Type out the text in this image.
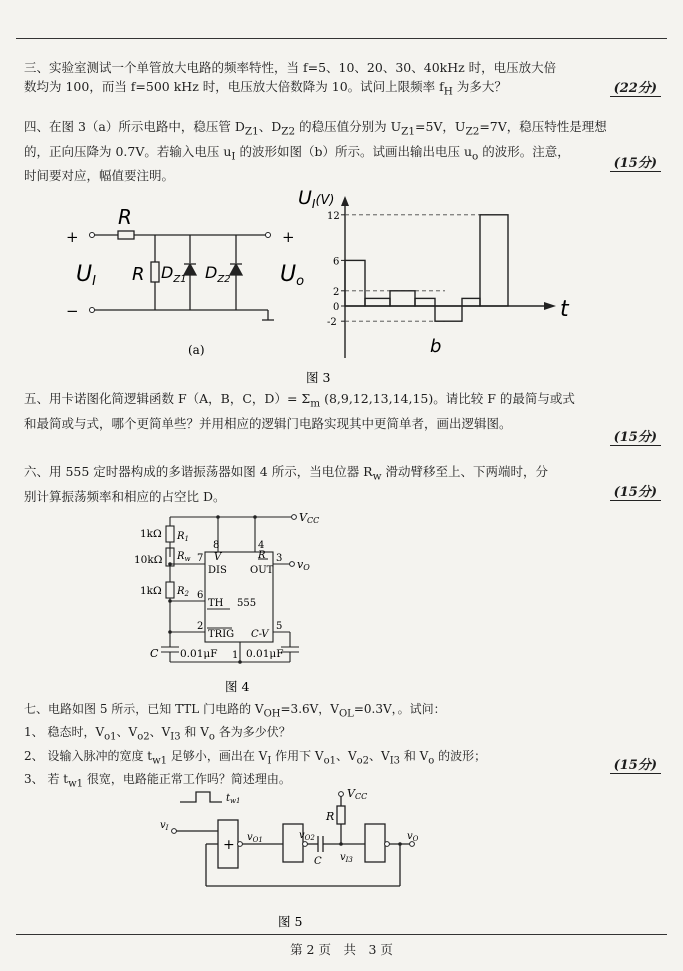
三、实验室测试一个单管放大电路的频率特性，当 f=5、10、20、30、40kHz 时，电压放大倍
数均为 100，而当 f=500 kHz 时，电压放大倍数降为 10。试问上限频率 $f_H$ 为多大？	(22分)
四、在图 3（a）所示电路中，稳压管 $D_{Z1}$、$D_{Z2}$ 的稳压值分别为 $U_{Z1}=5V$，$U_{Z2}=7V$，稳压特性是理想
的，正向压降为 0.7V。若输入电压 $u_I$ 的波形如图（b）所示。试画出输出电压 $u_o$ 的波形。注意，
时间要对应，幅值要注明。
(15分)
+
−
+
R
R $D_{Z1}$ $D_{Z2}$
UI	Uo
(a)
$U_I^{(V)}$
t
b
12
6
2
0
-2
图 3
五、用卡诺图化简逻辑函数 F（A，B，C，$D)= \Sigma_m$ (8,9,12,13,14,15)。请比较 F 的最简与或式
和最简或与式，哪个更简单些？并用相应的逻辑门电路实现其中更简单者，画出逻辑图。
(15分)
六、用 555 定时器构成的多谐振荡器如图 4 所示，当电位器 $R_w$ 滑动臂移至上、下两端时，分
别计算振荡频率和相应的占空比 D。	(15分)
VCC
1kΩ $R_1$
10kΩ $R_w$
1kΩ $R_2$
8	4
7
6
2
3
5
1
V	R
DIS OUT
TH 555
TRIG C-V
vO
C 0.01μF	0.01μF
图 4
七、电路如图 5 所示，已知 TTL 门电路的 $V_{OH}=3.6V$，$V_{OL}=0.3V$，。试问：
1、 稳态时，$V_{o1}$、$V_{o2}$、$V_{I3}$ 和 $V_o$ 各为多少伏？
2、 设输入脉冲的宽度 $t_{w1}$ 足够小，画出在 $V_I$ 作用下 $V_{o1}$、$V_{o2}$、$V_{I3}$ 和 $V_o$ 的波形；
3、 若 $t_{w1}$ 很宽，电路能正常工作吗？简述理由。
(15分)
$t_{w1}$
$v_I$
+ $v_{O1}$	$v_{O2}$
C $v_{I3}$
R
VCC
$v_O$
图 5
第 2 页　共　3 页
